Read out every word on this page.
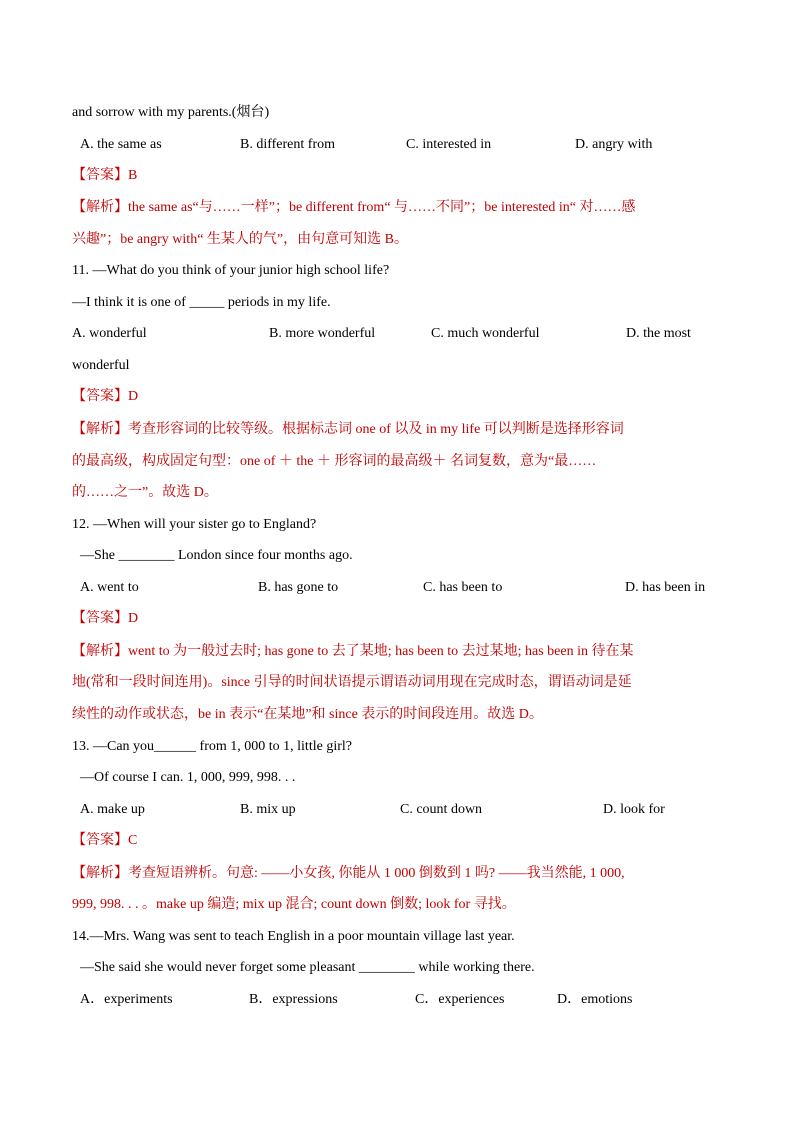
and sorrow with my parents.(烟台)
A. the same as	B. different from	C. interested in	D. angry with
【答案】B
【解析】the same as“与……一样”；be different from“ 与……不同”；be interested in“ 对……感
兴趣”；be angry with“ 生某人的气”，由句意可知选 B。
11. —What do you think of your junior high school life?
—I think it is one of _____ periods in my life.
A. wonderful	B. more wonderful	C. much wonderful	D. the most
wonderful
【答案】D
【解析】考查形容词的比较等级。根据标志词 one of 以及 in my life 可以判断是选择形容词
的最高级，构成固定句型：one of ＋ the ＋ 形容词的最高级＋ 名词复数，意为“最……
的……之一”。故选 D。
12. —When will your sister go to England?
—She ________ London since four months ago.
A. went to	B. has gone to	C. has been to	D. has been in
【答案】D
【解析】went to 为一般过去时; has gone to 去了某地; has been to 去过某地; has been in 待在某
地(常和一段时间连用)。since 引导的时间状语提示谓语动词用现在完成时态，谓语动词是延
续性的动作或状态，be in 表示“在某地”和 since 表示的时间段连用。故选 D。
13. —Can you______ from 1, 000 to 1, little girl?
—Of course I can. 1, 000, 999, 998. . .
A. make up	B. mix up	C. count down	D. look for
【答案】C
【解析】考查短语辨析。句意: ——小女孩, 你能从 1 000 倒数到 1 吗? ——我当然能, 1 000,
999, 998. . . 。make up 编造; mix up 混合; count down 倒数; look for 寻找。
14.—Mrs. Wang was sent to teach English in a poor mountain village last year.
—She said she would never forget some pleasant ________ while working there.
A．experiments	B．expressions	C．experiences	D．emotions
